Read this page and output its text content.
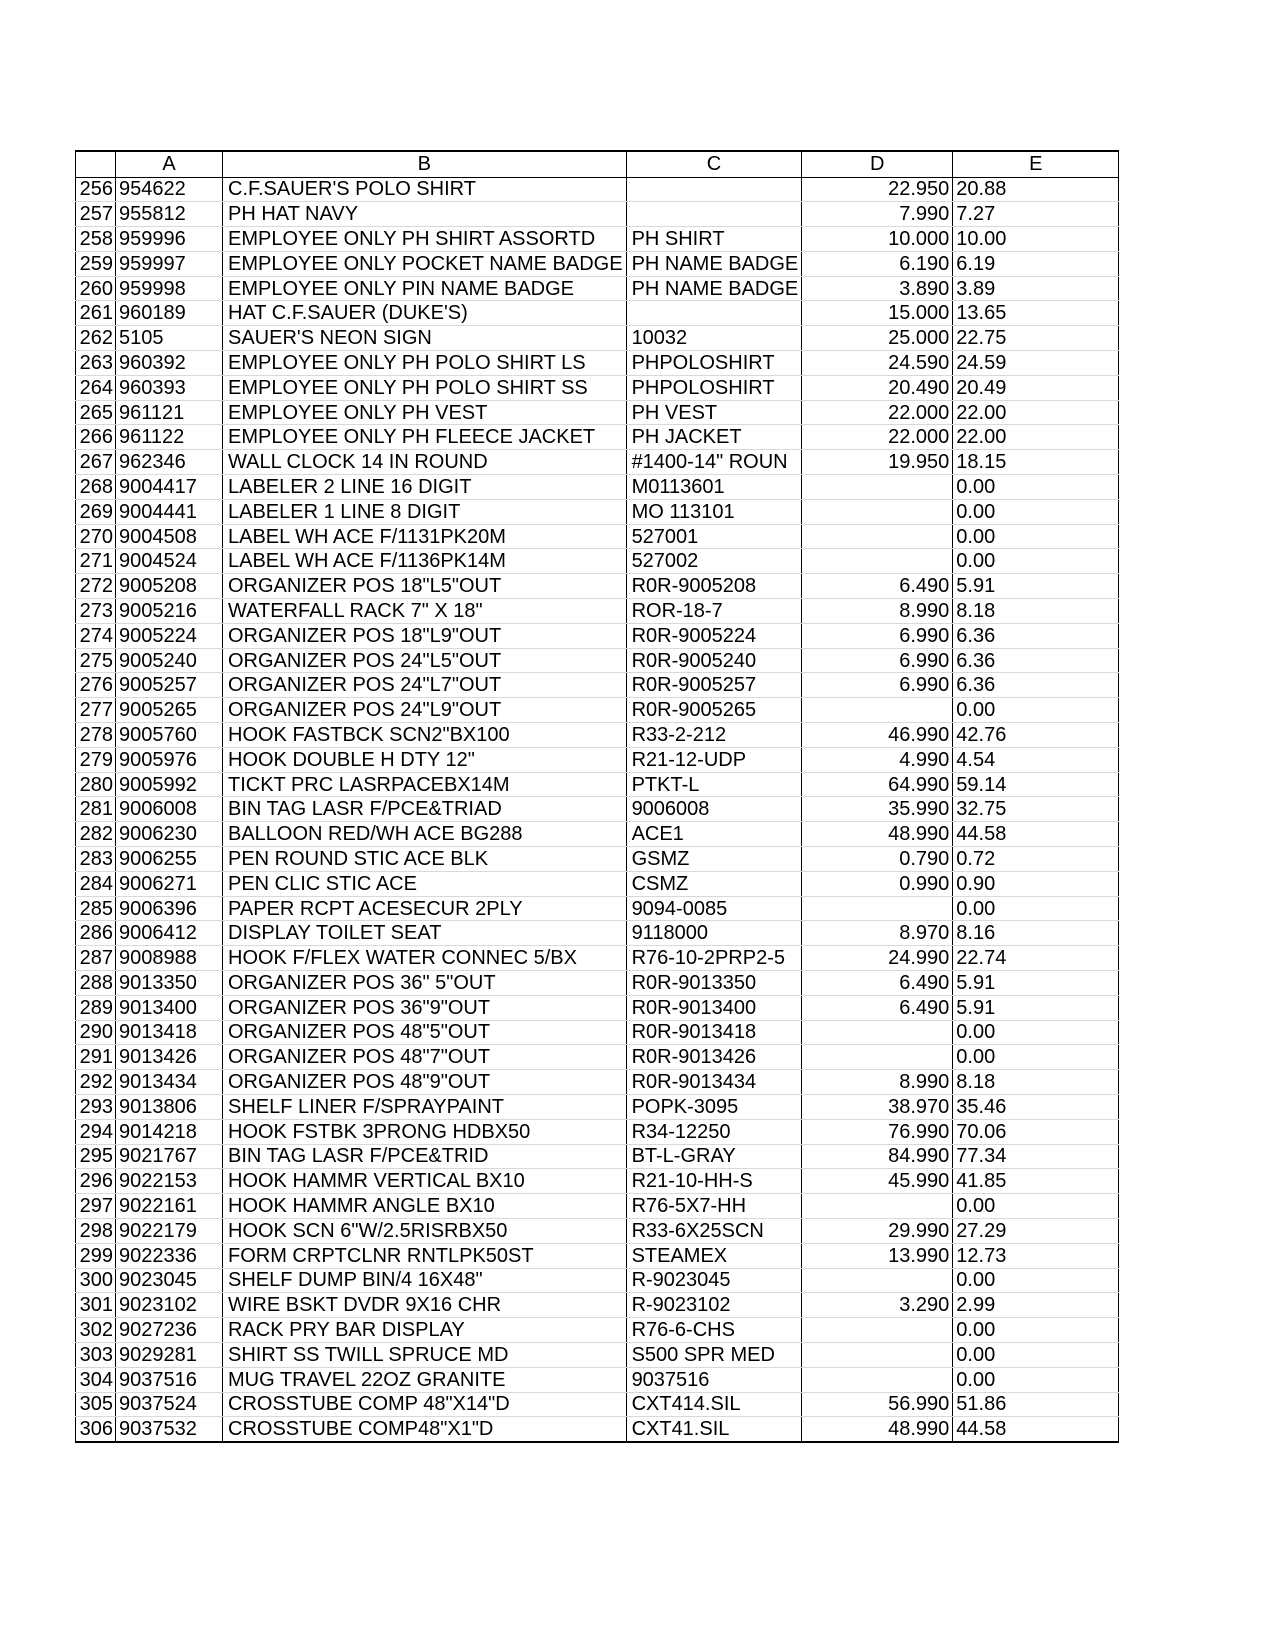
	A	B	C	D	E
256	954622	C.F.SAUER'S POLO SHIRT		22.950	20.88
257	955812	PH HAT NAVY		7.990	7.27
258	959996	EMPLOYEE ONLY PH SHIRT ASSORTD	PH SHIRT	10.000	10.00
259	959997	EMPLOYEE ONLY POCKET NAME BADGE	PH NAME BADGE	6.190	6.19
260	959998	EMPLOYEE ONLY PIN NAME BADGE	PH NAME BADGE	3.890	3.89
261	960189	HAT C.F.SAUER (DUKE'S)		15.000	13.65
262	5105	SAUER'S NEON SIGN	10032	25.000	22.75
263	960392	EMPLOYEE ONLY PH POLO SHIRT LS	PHPOLOSHIRT	24.590	24.59
264	960393	EMPLOYEE ONLY PH POLO SHIRT SS	PHPOLOSHIRT	20.490	20.49
265	961121	EMPLOYEE ONLY PH VEST	PH VEST	22.000	22.00
266	961122	EMPLOYEE ONLY PH FLEECE JACKET	PH JACKET	22.000	22.00
267	962346	WALL CLOCK 14 IN ROUND	#1400-14" ROUN	19.950	18.15
268	9004417	LABELER 2 LINE 16 DIGIT	M0113601		0.00
269	9004441	LABELER 1 LINE 8 DIGIT	MO 113101		0.00
270	9004508	LABEL WH ACE F/1131PK20M	527001		0.00
271	9004524	LABEL WH ACE F/1136PK14M	527002		0.00
272	9005208	ORGANIZER POS 18"L5"OUT	R0R-9005208	6.490	5.91
273	9005216	WATERFALL RACK 7" X 18"	ROR-18-7	8.990	8.18
274	9005224	ORGANIZER POS 18"L9"OUT	R0R-9005224	6.990	6.36
275	9005240	ORGANIZER POS 24"L5"OUT	R0R-9005240	6.990	6.36
276	9005257	ORGANIZER POS 24"L7"OUT	R0R-9005257	6.990	6.36
277	9005265	ORGANIZER POS 24"L9"OUT	R0R-9005265		0.00
278	9005760	HOOK FASTBCK SCN2"BX100	R33-2-212	46.990	42.76
279	9005976	HOOK DOUBLE H DTY 12"	R21-12-UDP	4.990	4.54
280	9005992	TICKT PRC LASRPACEBX14M	PTKT-L	64.990	59.14
281	9006008	BIN TAG LASR F/PCE&TRIAD	9006008	35.990	32.75
282	9006230	BALLOON RED/WH ACE BG288	ACE1	48.990	44.58
283	9006255	PEN ROUND STIC ACE BLK	GSMZ	0.790	0.72
284	9006271	PEN CLIC STIC ACE	CSMZ	0.990	0.90
285	9006396	PAPER RCPT ACESECUR 2PLY	9094-0085		0.00
286	9006412	DISPLAY TOILET SEAT	9118000	8.970	8.16
287	9008988	HOOK F/FLEX WATER CONNEC 5/BX	R76-10-2PRP2-5	24.990	22.74
288	9013350	ORGANIZER POS 36" 5"OUT	R0R-9013350	6.490	5.91
289	9013400	ORGANIZER POS 36"9"OUT	R0R-9013400	6.490	5.91
290	9013418	ORGANIZER POS 48"5"OUT	R0R-9013418		0.00
291	9013426	ORGANIZER POS 48"7"OUT	R0R-9013426		0.00
292	9013434	ORGANIZER POS 48"9"OUT	R0R-9013434	8.990	8.18
293	9013806	SHELF LINER F/SPRAYPAINT	POPK-3095	38.970	35.46
294	9014218	HOOK FSTBK 3PRONG HDBX50	R34-12250	76.990	70.06
295	9021767	BIN TAG LASR F/PCE&TRID	BT-L-GRAY	84.990	77.34
296	9022153	HOOK HAMMR VERTICAL BX10	R21-10-HH-S	45.990	41.85
297	9022161	HOOK HAMMR ANGLE BX10	R76-5X7-HH		0.00
298	9022179	HOOK SCN 6"W/2.5RISRBX50	R33-6X25SCN	29.990	27.29
299	9022336	FORM CRPTCLNR RNTLPK50ST	STEAMEX	13.990	12.73
300	9023045	SHELF DUMP BIN/4 16X48"	R-9023045		0.00
301	9023102	WIRE BSKT DVDR 9X16 CHR	R-9023102	3.290	2.99
302	9027236	RACK PRY BAR DISPLAY	R76-6-CHS		0.00
303	9029281	SHIRT SS TWILL SPRUCE MD	S500 SPR MED		0.00
304	9037516	MUG TRAVEL 22OZ GRANITE	9037516		0.00
305	9037524	CROSSTUBE COMP 48"X14"D	CXT414.SIL	56.990	51.86
306	9037532	CROSSTUBE COMP48"X1"D	CXT41.SIL	48.990	44.58
